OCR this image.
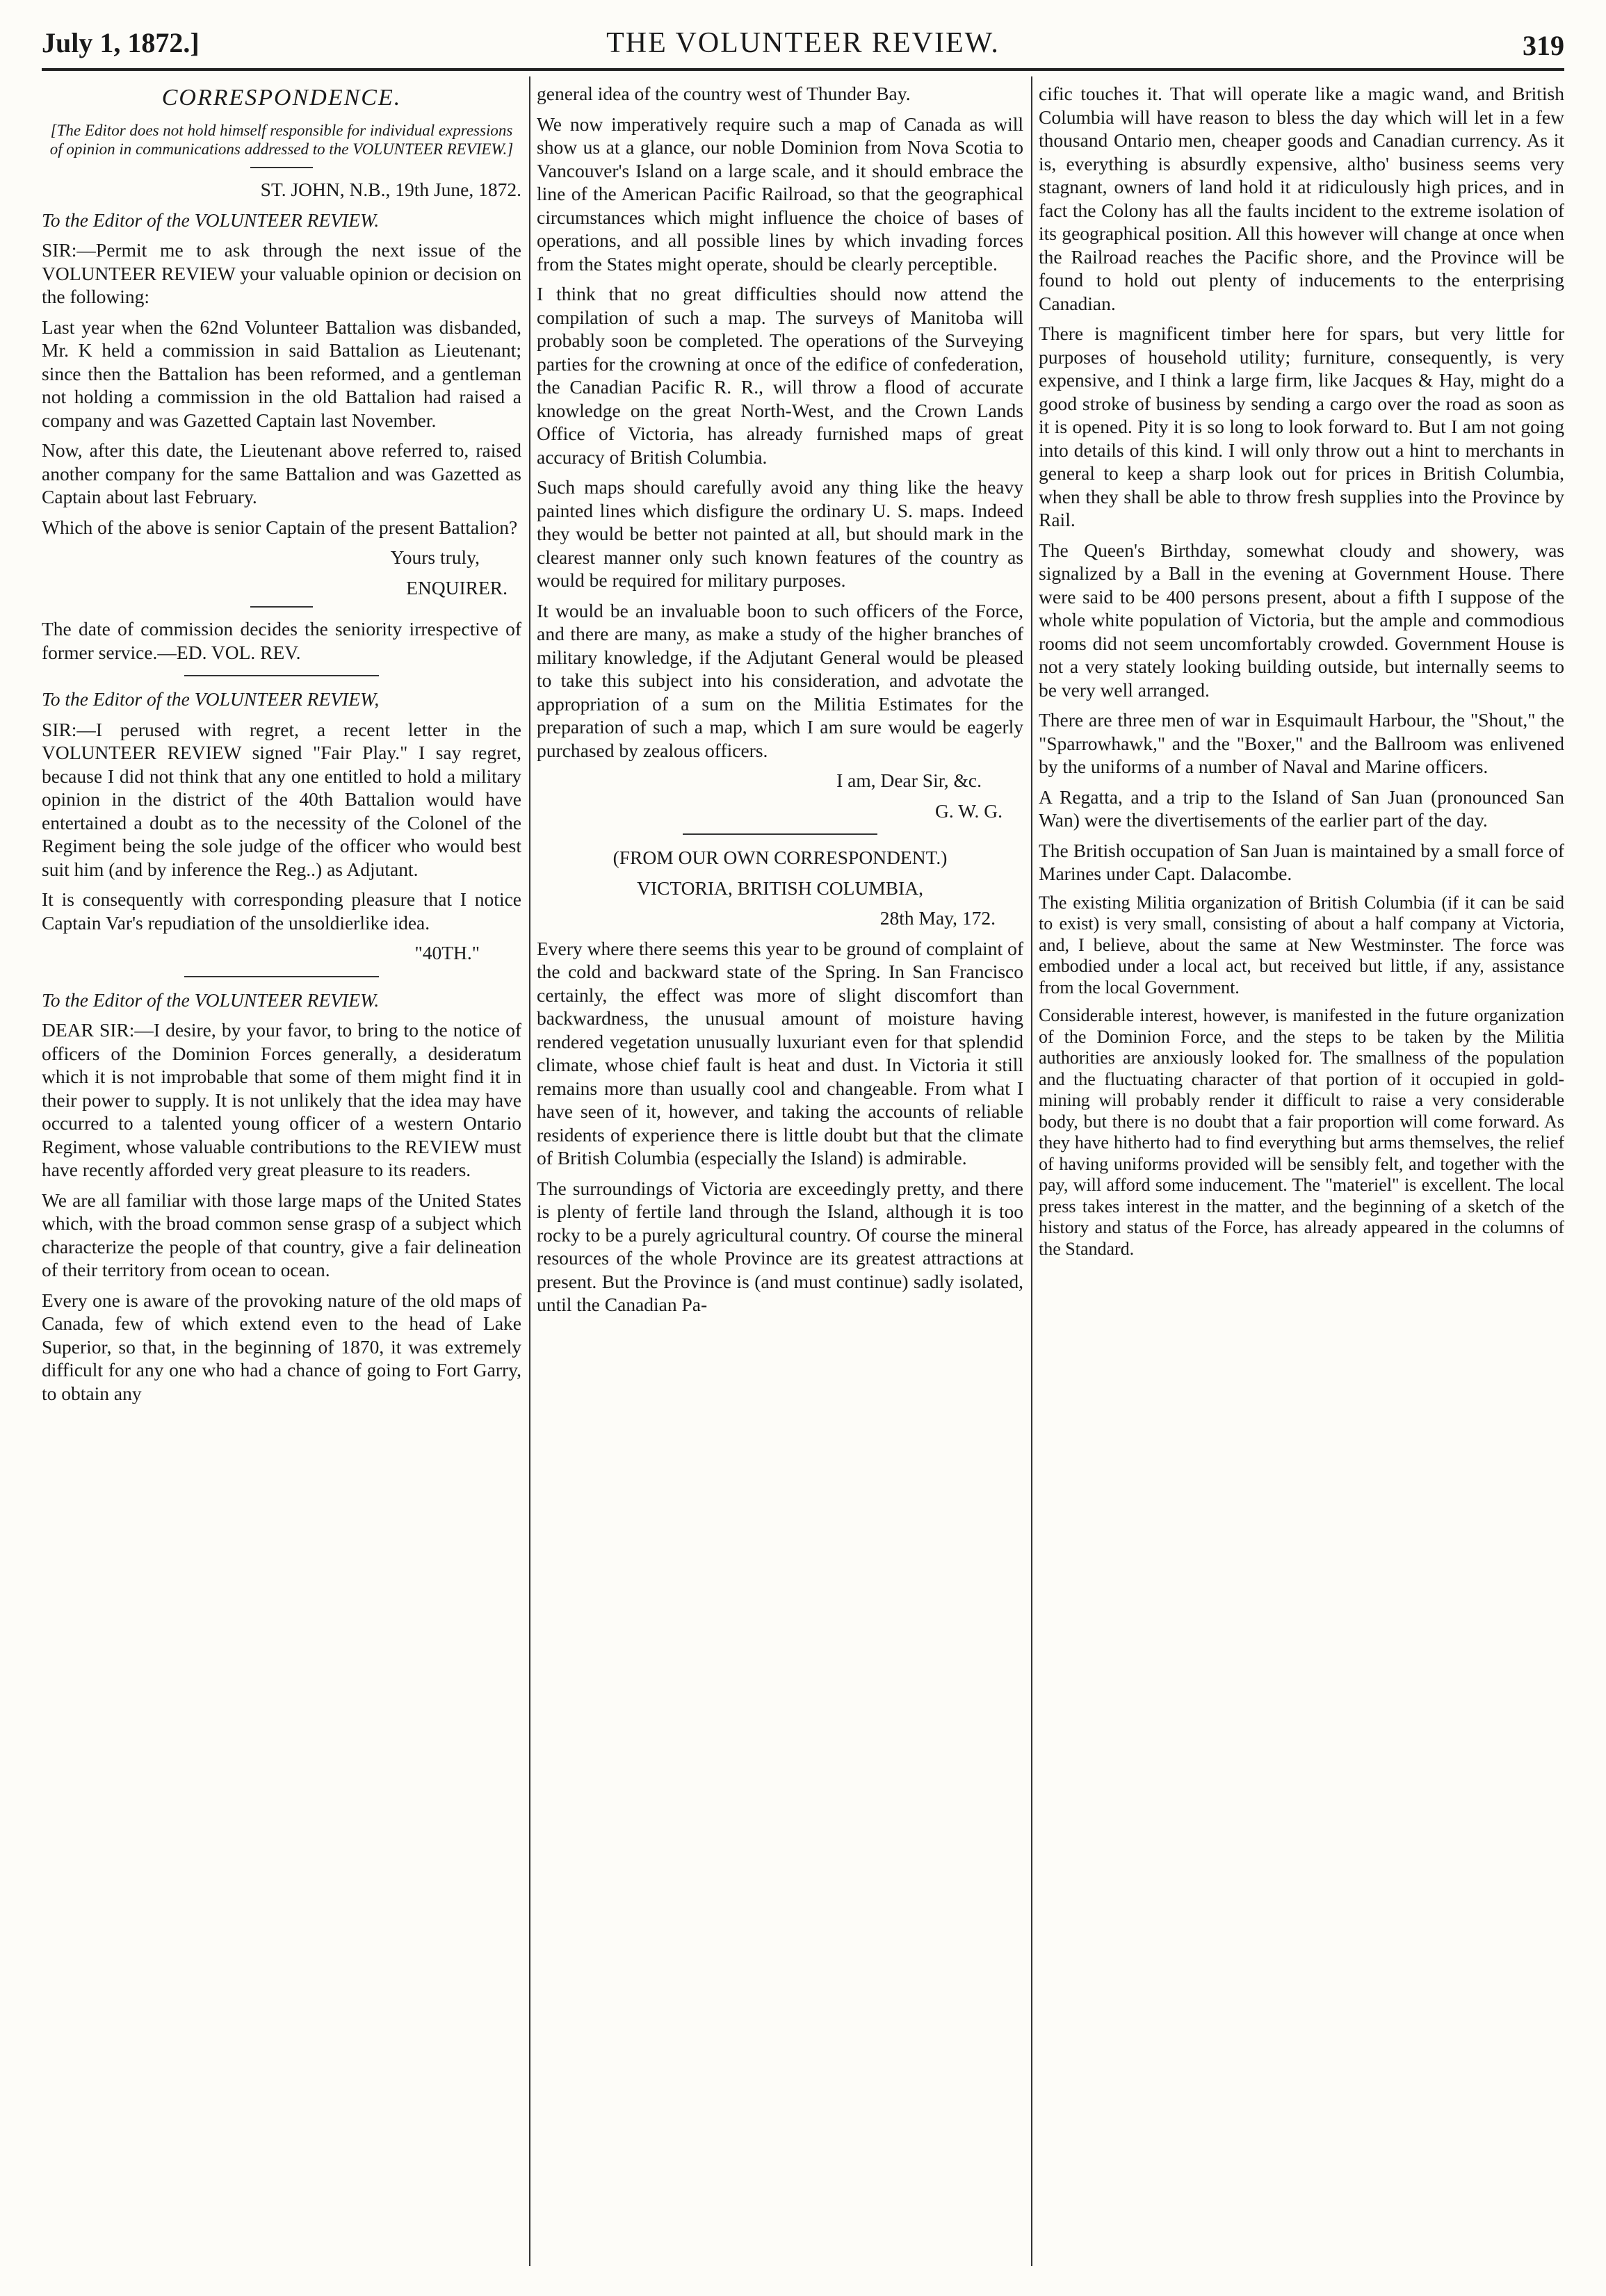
July 1, 1872.]	THE VOLUNTEER REVIEW.	319
CORRESPONDENCE.
[The Editor does not hold himself responsible for individual expressions of opinion in communications addressed to the VOLUNTEER REVIEW.]

ST. JOHN, N.B., 19th June, 1872.

To the Editor of the VOLUNTEER REVIEW.

SIR:—Permit me to ask through the next issue of the VOLUNTEER REVIEW your valuable opinion or decision on the following:

Last year when the 62nd Volunteer Battalion was disbanded, Mr. K held a commission in said Battalion as Lieutenant; since then the Battalion has been reformed, and a gentleman not holding a commission in the old Battalion had raised a company and was Gazetted Captain last November.

Now, after this date, the Lieutenant above referred to, raised another company for the same Battalion and was Gazetted as Captain about last February.

Which of the above is senior Captain of the present Battalion?

Yours truly,

ENQUIRER.

The date of commission decides the seniority irrespective of former service.—ED. VOL. REV.

To the Editor of the VOLUNTEER REVIEW,

SIR:—I perused with regret, a recent letter in the VOLUNTEER REVIEW signed "Fair Play." I say regret, because I did not think that any one entitled to hold a military opinion in the district of the 40th Battalion would have entertained a doubt as to the necessity of the Colonel of the Regiment being the sole judge of the officer who would best suit him (and by inference the Reg..) as Adjutant.

It is consequently with corresponding pleasure that I notice Captain Var's repudiation of the unsoldierlike idea.

"40TH."

To the Editor of the VOLUNTEER REVIEW.

DEAR SIR:—I desire, by your favor, to bring to the notice of officers of the Dominion Forces generally, a desideratum which it is not improbable that some of them might find it in their power to supply. It is not unlikely that the idea may have occurred to a talented young officer of a western Ontario Regiment, whose valuable contributions to the REVIEW must have recently afforded very great pleasure to its readers.

We are all familiar with those large maps of the United States which, with the broad common sense grasp of a subject which characterize the people of that country, give a fair delineation of their territory from ocean to ocean.

Every one is aware of the provoking nature of the old maps of Canada, few of which extend even to the head of Lake Superior, so that, in the beginning of 1870, it was extremely difficult for any one who had a chance of going to Fort Garry, to obtain any

general idea of the country west of Thunder Bay.

We now imperatively require such a map of Canada as will show us at a glance, our noble Dominion from Nova Scotia to Vancouver's Island on a large scale, and it should embrace the line of the American Pacific Railroad, so that the geographical circumstances which might influence the choice of bases of operations, and all possible lines by which invading forces from the States might operate, should be clearly perceptible.

I think that no great difficulties should now attend the compilation of such a map. The surveys of Manitoba will probably soon be completed. The operations of the Surveying parties for the crowning at once of the edifice of confederation, the Canadian Pacific R. R., will throw a flood of accurate knowledge on the great North-West, and the Crown Lands Office of Victoria, has already furnished maps of great accuracy of British Columbia.

Such maps should carefully avoid any thing like the heavy painted lines which disfigure the ordinary U. S. maps. Indeed they would be better not painted at all, but should mark in the clearest manner only such known features of the country as would be required for military purposes.

It would be an invaluable boon to such officers of the Force, and there are many, as make a study of the higher branches of military knowledge, if the Adjutant General would be pleased to take this subject into his consideration, and advotate the appropriation of a sum on the Militia Estimates for the preparation of such a map, which I am sure would be eagerly purchased by zealous officers.

I am, Dear Sir, &c.

G. W. G.

(FROM OUR OWN CORRESPONDENT.)

VICTORIA, BRITISH COLUMBIA,

28th May, 172.

Every where there seems this year to be ground of complaint of the cold and backward state of the Spring. In San Francisco certainly, the effect was more of slight discomfort than backwardness, the unusual amount of moisture having rendered vegetation unusually luxuriant even for that splendid climate, whose chief fault is heat and dust. In Victoria it still remains more than usually cool and changeable. From what I have seen of it, however, and taking the accounts of reliable residents of experience there is little doubt but that the climate of British Columbia (especially the Island) is admirable.

The surroundings of Victoria are exceedingly pretty, and there is plenty of fertile land through the Island, although it is too rocky to be a purely agricultural country. Of course the mineral resources of the whole Province are its greatest attractions at present. But the Province is (and must continue) sadly isolated, until the Canadian Pa-

cific touches it. That will operate like a magic wand, and British Columbia will have reason to bless the day which will let in a few thousand Ontario men, cheaper goods and Canadian currency. As it is, everything is absurdly expensive, altho' business seems very stagnant, owners of land hold it at ridiculously high prices, and in fact the Colony has all the faults incident to the extreme isolation of its geographical position. All this however will change at once when the Railroad reaches the Pacific shore, and the Province will be found to hold out plenty of inducements to the enterprising Canadian.

There is magnificent timber here for spars, but very little for purposes of household utility; furniture, consequently, is very expensive, and I think a large firm, like Jacques & Hay, might do a good stroke of business by sending a cargo over the road as soon as it is opened. Pity it is so long to look forward to. But I am not going into details of this kind. I will only throw out a hint to merchants in general to keep a sharp look out for prices in British Columbia, when they shall be able to throw fresh supplies into the Province by Rail.

The Queen's Birthday, somewhat cloudy and showery, was signalized by a Ball in the evening at Government House. There were said to be 400 persons present, about a fifth I suppose of the whole white population of Victoria, but the ample and commodious rooms did not seem uncomfortably crowded. Government House is not a very stately looking building outside, but internally seems to be very well arranged.

There are three men of war in Esquimault Harbour, the "Shout," the "Sparrowhawk," and the "Boxer," and the Ballroom was enlivened by the uniforms of a number of Naval and Marine officers.

A Regatta, and a trip to the Island of San Juan (pronounced San Wan) were the divertisements of the earlier part of the day.

The British occupation of San Juan is maintained by a small force of Marines under Capt. Dalacombe.

The existing Militia organization of British Columbia (if it can be said to exist) is very small, consisting of about a half company at Victoria, and, I believe, about the same at New Westminster. The force was embodied under a local act, but received but little, if any, assistance from the local Government.

Considerable interest, however, is manifested in the future organization of the Dominion Force, and the steps to be taken by the Militia authorities are anxiously looked for. The smallness of the population and the fluctuating character of that portion of it occupied in gold-mining will probably render it difficult to raise a very considerable body, but there is no doubt that a fair proportion will come forward. As they have hitherto had to find everything but arms themselves, the relief of having uniforms provided will be sensibly felt, and together with the pay, will afford some inducement. The "materiel" is excellent. The local press takes interest in the matter, and the beginning of a sketch of the history and status of the Force, has already appeared in the columns of the Standard.
